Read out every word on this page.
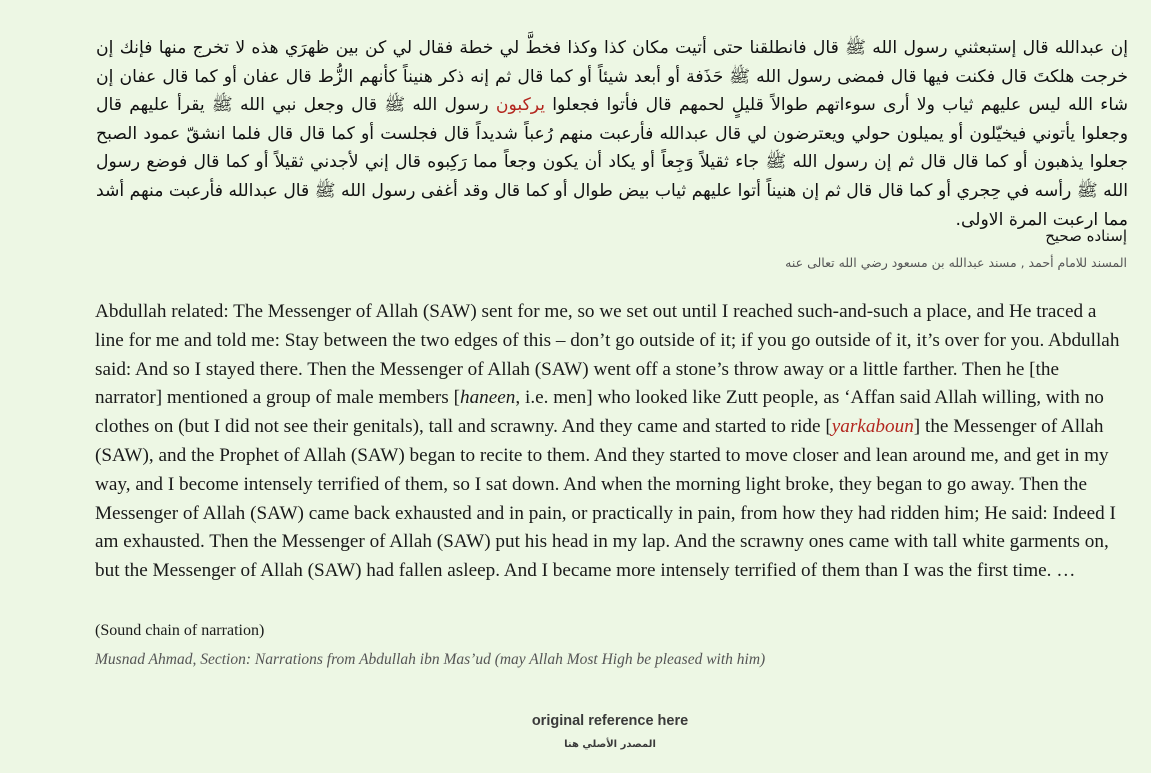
إن عبدالله قال إستبعثني رسول الله ﷺ قال فانطلقنا حتى أتيت مكان كذا وكذا فخطَّ لي خطة فقال لي كن بين ظهرَي هذه لا تخرج منها فإنك إن خرجت هلكتَ قال فكنت فيها قال فمضى رسول الله ﷺ حَذَفة أو أبعد شيئاً أو كما قال ثم إنه ذكر هنيناً كأنهم الزُّط قال عفان أو كما قال عفان إن شاء الله ليس عليهم ثياب ولا أرى سوءاتهم طوالاً قليلٍ لحمهم قال فأتوا فجعلوا يركبون رسول الله ﷺ قال وجعل نبي الله ﷺ يقرأ عليهم قال وجعلوا يأتوني فيخيّلون أو يميلون حولي ويعترضون لي قال عبدالله فأرعبت منهم رُعباً شديداً قال فجلست أو كما قال قال فلما انشقّ عمود الصبح جعلوا يذهبون أو كما قال قال ثم إن رسول الله ﷺ جاء ثقيلاً وَجِعاً أو يكاد أن يكون وجعاً مما رَكِبوه قال إني لأجدني ثقيلاً أو كما قال فوضع رسول الله ﷺ رأسه في حِجري أو كما قال قال ثم إن هنيناً أتوا عليهم ثياب بيض طوال أو كما قال وقد أغفى رسول الله ﷺ قال عبدالله فأرعبت منهم أشد مما ارعبت المرة الاولى.
إسناده صحيح
المسند للامام أحمد , مسند عبدالله بن مسعود رضي الله تعالى عنه
Abdullah related: The Messenger of Allah (SAW) sent for me, so we set out until I reached such-and-such a place, and He traced a line for me and told me: Stay between the two edges of this – don’t go outside of it; if you go outside of it, it’s over for you. Abdullah said: And so I stayed there. Then the Messenger of Allah (SAW) went off a stone’s throw away or a little farther. Then he [the narrator] mentioned a group of male members [haneen, i.e. men] who looked like Zutt people, as ‘Affan said Allah willing, with no clothes on (but I did not see their genitals), tall and scrawny. And they came and started to ride [yarkaboun] the Messenger of Allah (SAW), and the Prophet of Allah (SAW) began to recite to them. And they started to move closer and lean around me, and get in my way, and I become intensely terrified of them, so I sat down. And when the morning light broke, they began to go away. Then the Messenger of Allah (SAW) came back exhausted and in pain, or practically in pain, from how they had ridden him; He said: Indeed I am exhausted. Then the Messenger of Allah (SAW) put his head in my lap. And the scrawny ones came with tall white garments on, but the Messenger of Allah (SAW) had fallen asleep. And I became more intensely terrified of them than I was the first time. …
(Sound chain of narration)
Musnad Ahmad, Section: Narrations from Abdullah ibn Mas’ud (may Allah Most High be pleased with him)
original reference here
المصدر الأصلي هنا
